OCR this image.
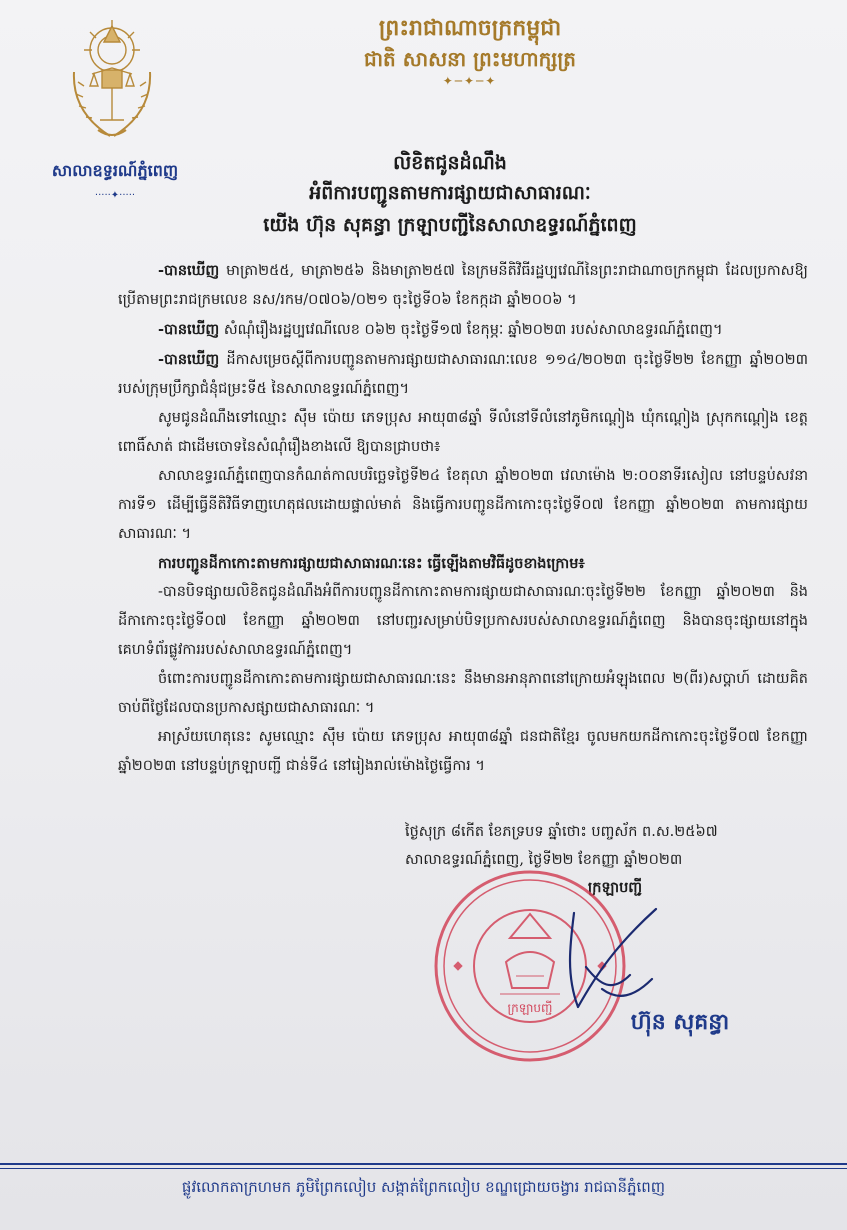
សាលាឧទ្ធរណ៍ភ្នំពេញ
·····✦·····
ព្រះរាជាណាចក្រកម្ពុជា
ជាតិ សាសនា ព្រះមហាក្សត្រ
✦─✦─✦
លិខិតជូនដំណឹង
អំពីការបញ្ជូនតាមការផ្សាយជាសាធារណៈ
យើង ហ៊ុន សុគន្ធា ក្រឡាបញ្ជីនៃសាលាឧទ្ធរណ៍ភ្នំពេញ

-បានឃើញ មាត្រា២៥៥, មាត្រា២៥៦ និងមាត្រា២៥៧ នៃក្រមនីតិវិធីរដ្ឋប្បវេណីនៃព្រះរាជាណាចក្រកម្ពុជា ដែលប្រកាសឱ្យប្រើតាមព្រះរាជក្រមលេខ នស/រកម/០៧០៦/០២១ ចុះថ្ងៃទី០៦ ខែកក្កដា ឆ្នាំ២០០៦ ។

-បានឃើញ សំណុំរឿងរដ្ឋប្បវេណីលេខ ០៦២ ចុះថ្ងៃទី១៧ ខែកុម្ភៈ ឆ្នាំ២០២៣ របស់សាលាឧទ្ធរណ៍ភ្នំពេញ។

-បានឃើញ ដីកាសម្រេចស្តីពីការបញ្ជូនតាមការផ្សាយជាសាធារណៈលេខ ១១៤/២០២៣ ចុះថ្ងៃទី២២ ខែកញ្ញា ឆ្នាំ២០២៣ របស់ក្រុមប្រឹក្សាជំនុំជម្រះទី៥ នៃសាលាឧទ្ធរណ៍ភ្នំពេញ។

សូមជូនដំណឹងទៅឈ្មោះ ស៊ឹម ប៉ោយ ភេទប្រុស អាយុ៣៨ឆ្នាំ ទីលំនៅទីលំនៅភូមិកណ្តៀង ឃុំកណ្តៀង ស្រុកកណ្តៀង ខេត្តពោធិ៍សាត់ ជាដើមចោទនៃសំណុំរឿងខាងលើ ឱ្យបានជ្រាបថា៖

សាលាឧទ្ធរណ៍ភ្នំពេញបានកំណត់កាលបរិច្ឆេទថ្ងៃទី២៤ ខែតុលា ឆ្នាំ២០២៣ វេលាម៉ោង ២:០០នាទីរសៀល នៅបន្ទប់សវនាការទី១ ដើម្បីធ្វើនីតិវិធីទាញហេតុផលដោយផ្ទាល់មាត់ និងធ្វើការបញ្ជូនដីកាកោះចុះថ្ងៃទី០៧ ខែកញ្ញា ឆ្នាំ២០២៣ តាមការផ្សាយសាធារណៈ ។

ការបញ្ជូនដីកាកោះតាមការផ្សាយជាសាធារណៈនេះ ធ្វើឡើងតាមវិធីដូចខាងក្រោម៖

-បានបិទផ្សាយលិខិតជូនដំណឹងអំពីការបញ្ជូនដីកាកោះតាមការផ្សាយជាសាធារណៈចុះថ្ងៃទី២២ ខែកញ្ញា ឆ្នាំ២០២៣ និងដីកាកោះចុះថ្ងៃទី០៧ ខែកញ្ញា ឆ្នាំ២០២៣ នៅបញ្ជរសម្រាប់បិទប្រកាសរបស់សាលាឧទ្ធរណ៍ភ្នំពេញ និងបានចុះផ្សាយនៅក្នុងគេហទំព័រផ្លូវការរបស់សាលាឧទ្ធរណ៍ភ្នំពេញ។

ចំពោះការបញ្ជូនដីកាកោះតាមការផ្សាយជាសាធារណៈនេះ នឹងមានអានុភាពនៅក្រោយអំឡុងពេល ២(ពីរ)សប្តាហ៍ ដោយគិតចាប់ពីថ្ងៃដែលបានប្រកាសផ្សាយជាសាធារណៈ ។

អាស្រ័យហេតុនេះ សូមឈ្មោះ ស៊ឹម ប៉ោយ ភេទប្រុស អាយុ៣៨ឆ្នាំ ជនជាតិខ្មែរ ចូលមកយកដីកាកោះចុះថ្ងៃទី០៧ ខែកញ្ញា ឆ្នាំ២០២៣ នៅបន្ទប់ក្រឡាបញ្ជី ជាន់ទី៤ នៅរៀងរាល់ម៉ោងថ្ងៃធ្វើការ ។

ថ្ងៃសុក្រ ៨កើត ខែភទ្របទ ឆ្នាំថោះ បញ្ចស័ក ព.ស.២៥៦៧
សាលាឧទ្ធរណ៍ភ្នំពេញ, ថ្ងៃទី២២ ខែកញ្ញា ឆ្នាំ២០២៣
ក្រឡាបញ្ជី
ក្រឡាបញ្ជី
ហ៊ុន សុគន្ធា
ផ្លូវលោកតាក្រហមក ភូមិព្រែកលៀប សង្កាត់ព្រែកលៀប ខណ្ឌជ្រោយចង្វារ រាជធានីភ្នំពេញ
